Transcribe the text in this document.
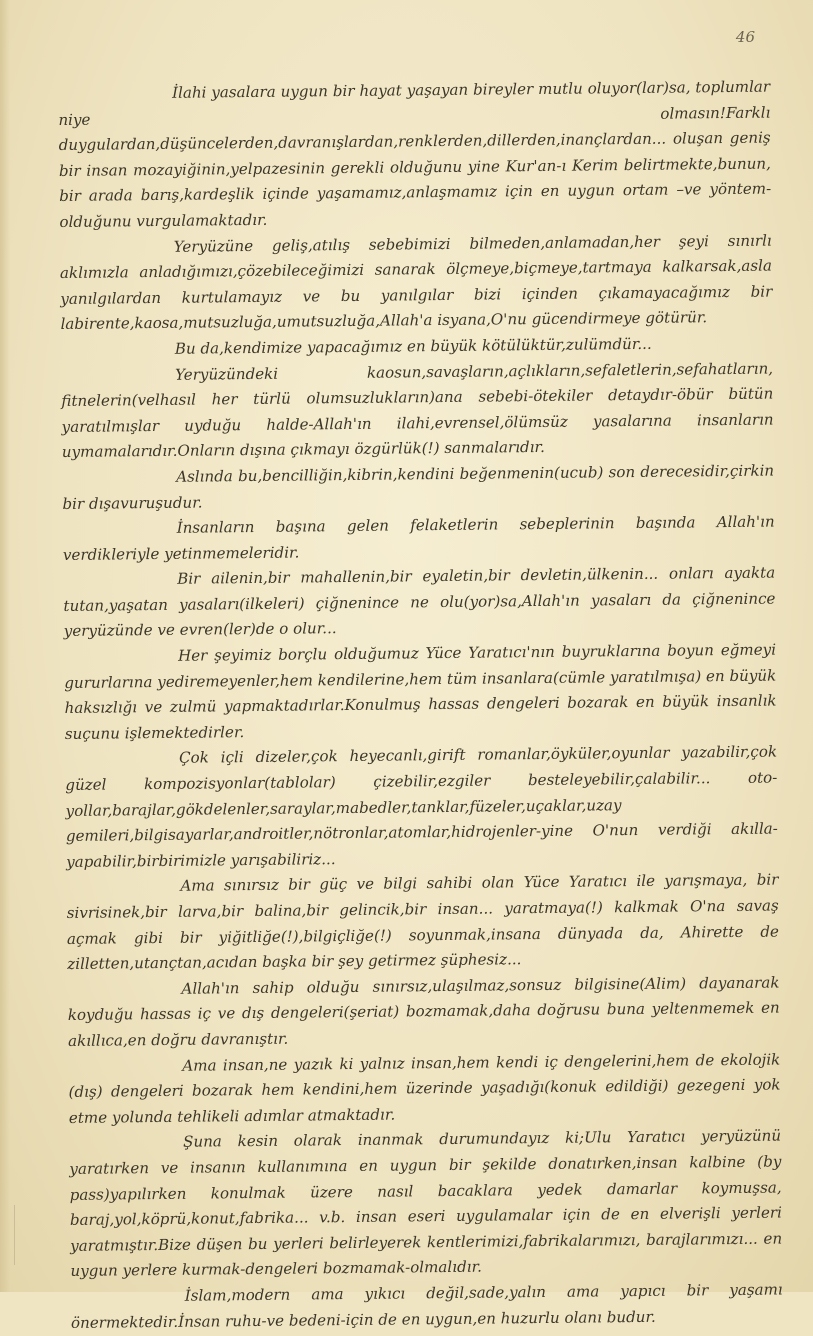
46

İlahi yasalara uygun bir hayat yaşayan bireyler mutlu oluyor(lar)sa, toplumlar niye olmasın!Farklı duygulardan,düşüncelerden,davranışlardan,renklerden,dillerden,inançlardan... oluşan geniş bir insan mozayiğinin,yelpazesinin gerekli olduğunu yine Kur'an-ı Kerim belirtmekte,bunun, bir arada barış,kardeşlik içinde yaşamamız,anlaşmamız için en uygun ortam –ve yöntem- olduğunu vurgulamaktadır.

Yeryüzüne geliş,atılış sebebimizi bilmeden,anlamadan,her şeyi sınırlı aklımızla anladığımızı,çözebileceğimizi sanarak ölçmeye,biçmeye,tartmaya kalkarsak,asla yanılgılardan kurtulamayız ve bu yanılgılar bizi içinden çıkamayacağımız bir labirente,kaosa,mutsuzluğa,umutsuzluğa,Allah'a isyana,O'nu gücendirmeye götürür.

Bu da,kendimize yapacağımız en büyük kötülüktür,zulümdür...

Yeryüzündeki kaosun,savaşların,açlıkların,sefaletlerin,sefahatların, fitnelerin(velhasıl her türlü olumsuzlukların)ana sebebi-ötekiler detaydır-öbür bütün yaratılmışlar uyduğu halde-Allah'ın ilahi,evrensel,ölümsüz yasalarına insanların uymamalarıdır.Onların dışına çıkmayı özgürlük(!) sanmalarıdır.

Aslında bu,bencilliğin,kibrin,kendini beğenmenin(ucub) son derecesidir,çirkin bir dışavuruşudur.

İnsanların başına gelen felaketlerin sebeplerinin başında Allah'ın verdikleriyle yetinmemeleridir.

Bir ailenin,bir mahallenin,bir eyaletin,bir devletin,ülkenin... onları ayakta tutan,yaşatan yasaları(ilkeleri) çiğnenince ne olu(yor)sa,Allah'ın yasaları da çiğnenince yeryüzünde ve evren(ler)de o olur...

Her şeyimiz borçlu olduğumuz Yüce Yaratıcı'nın buyruklarına boyun eğmeyi gururlarına yediremeyenler,hem kendilerine,hem tüm insanlara(cümle yaratılmışa) en büyük haksızlığı ve zulmü yapmaktadırlar.Konulmuş hassas dengeleri bozarak en büyük insanlık suçunu işlemektedirler.

Çok içli dizeler,çok heyecanlı,girift romanlar,öyküler,oyunlar yazabilir,çok güzel kompozisyonlar(tablolar) çizebilir,ezgiler besteleyebilir,çalabilir... oto-yollar,barajlar,gökdelenler,saraylar,mabedler,tanklar,füzeler,uçaklar,uzay gemileri,bilgisayarlar,androitler,nötronlar,atomlar,hidrojenler-yine O'nun verdiği akılla- yapabilir,birbirimizle yarışabiliriz...

Ama sınırsız bir güç ve bilgi sahibi olan Yüce Yaratıcı ile yarışmaya, bir sivrisinek,bir larva,bir balina,bir gelincik,bir insan... yaratmaya(!) kalkmak O'na savaş açmak gibi bir yiğitliğe(!),bilgiçliğe(!) soyunmak,insana dünyada da, Ahirette de zilletten,utançtan,acıdan başka bir şey getirmez şüphesiz...

Allah'ın sahip olduğu sınırsız,ulaşılmaz,sonsuz bilgisine(Alim) dayanarak koyduğu hassas iç ve dış dengeleri(şeriat) bozmamak,daha doğrusu buna yeltenmemek en akıllıca,en doğru davranıştır.

Ama insan,ne yazık ki yalnız insan,hem kendi iç dengelerini,hem de ekolojik (dış) dengeleri bozarak hem kendini,hem üzerinde yaşadığı(konuk edildiği) gezegeni yok etme yolunda tehlikeli adımlar atmaktadır.

Şuna kesin olarak inanmak durumundayız ki;Ulu Yaratıcı yeryüzünü yaratırken ve insanın kullanımına en uygun bir şekilde donatırken,insan kalbine (by pass)yapılırken konulmak üzere nasıl bacaklara yedek damarlar koymuşsa, baraj,yol,köprü,konut,fabrika... v.b. insan eseri uygulamalar için de en elverişli yerleri yaratmıştır.Bize düşen bu yerleri belirleyerek kentlerimizi,fabrikalarımızı, barajlarımızı... en uygun yerlere kurmak-dengeleri bozmamak-olmalıdır.

İslam,modern ama yıkıcı değil,sade,yalın ama yapıcı bir yaşamı önermektedir.İnsan ruhu-ve bedeni-için de en uygun,en huzurlu olanı budur.
